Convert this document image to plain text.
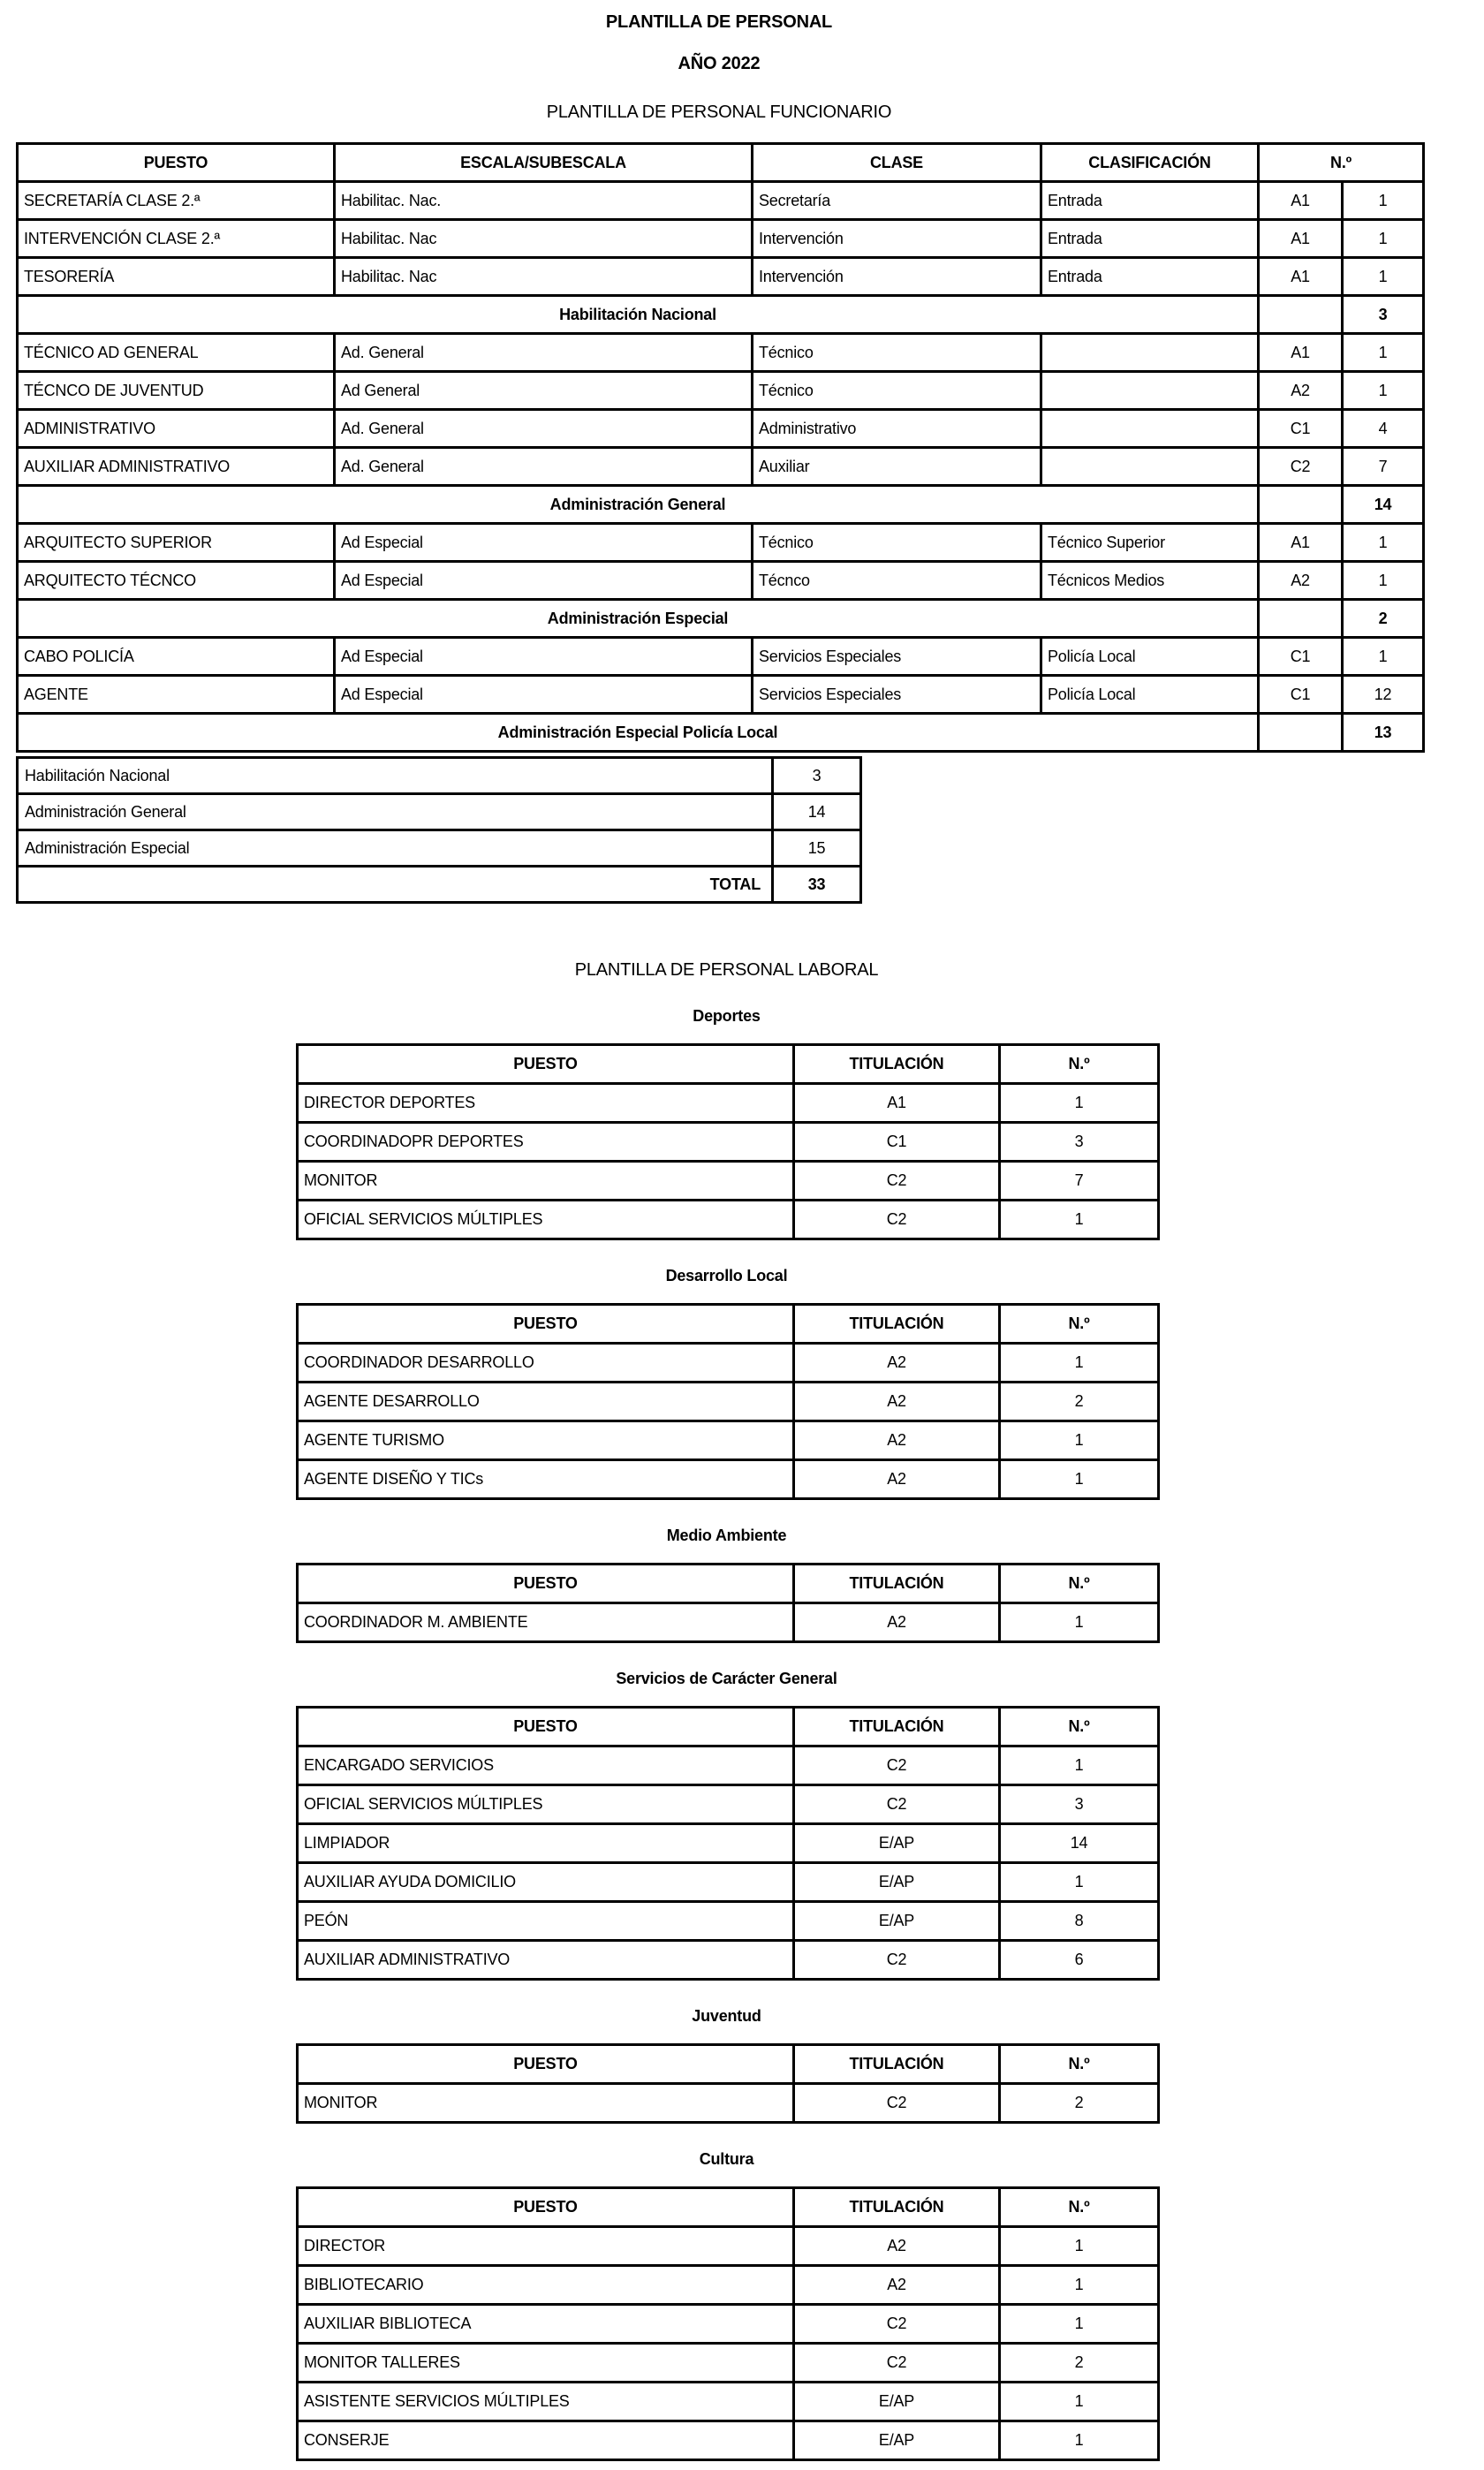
PLANTILLA DE PERSONAL
AÑO 2022
PLANTILLA DE PERSONAL FUNCIONARIO
PUESTO	ESCALA/SUBESCALA	CLASE	CLASIFICACIÓN	N.º	
SECRETARÍA CLASE 2.ª	Habilitac. Nac.	Secretaría	Entrada	A1	1
INTERVENCIÓN CLASE 2.ª	Habilitac. Nac	Intervención	Entrada	A1	1
TESORERÍA	Habilitac. Nac	Intervención	Entrada	A1	1
Habilitación Nacional					3
TÉCNICO AD GENERAL	Ad. General	Técnico		A1	1
TÉCNCO DE JUVENTUD	Ad General	Técnico		A2	1
ADMINISTRATIVO	Ad. General	Administrativo		C1	4
AUXILIAR ADMINISTRATIVO	Ad. General	Auxiliar		C2	7
Administración General					14
ARQUITECTO SUPERIOR	Ad Especial	Técnico	Técnico Superior	A1	1
ARQUITECTO TÉCNCO	Ad Especial	Técnco	Técnicos Medios	A2	1
Administración Especial					2
CABO POLICÍA	Ad Especial	Servicios Especiales	Policía Local	C1	1
AGENTE	Ad Especial	Servicios Especiales	Policía Local	C1	12
Administración Especial Policía Local					13
Habilitación Nacional	3
Administración General	14
Administración Especial	15
TOTAL	33
PLANTILLA DE PERSONAL LABORAL
Deportes
PUESTO	TITULACIÓN	N.º
DIRECTOR DEPORTES	A1	1
COORDINADOPR DEPORTES	C1	3
MONITOR	C2	7
OFICIAL SERVICIOS MÚLTIPLES	C2	1
Desarrollo Local
PUESTO	TITULACIÓN	N.º
COORDINADOR DESARROLLO	A2	1
AGENTE DESARROLLO	A2	2
AGENTE TURISMO	A2	1
AGENTE DISEÑO Y TICs	A2	1
Medio Ambiente
PUESTO	TITULACIÓN	N.º
COORDINADOR M. AMBIENTE	A2	1
Servicios de Carácter General
PUESTO	TITULACIÓN	N.º
ENCARGADO SERVICIOS	C2	1
OFICIAL SERVICIOS MÚLTIPLES	C2	3
LIMPIADOR	E/AP	14
AUXILIAR AYUDA DOMICILIO	E/AP	1
PEÓN	E/AP	8
AUXILIAR ADMINISTRATIVO	C2	6
Juventud
PUESTO	TITULACIÓN	N.º
MONITOR	C2	2
Cultura
PUESTO	TITULACIÓN	N.º
DIRECTOR	A2	1
BIBLIOTECARIO	A2	1
AUXILIAR BIBLIOTECA	C2	1
MONITOR TALLERES	C2	2
ASISTENTE SERVICIOS MÚLTIPLES	E/AP	1
CONSERJE	E/AP	1
